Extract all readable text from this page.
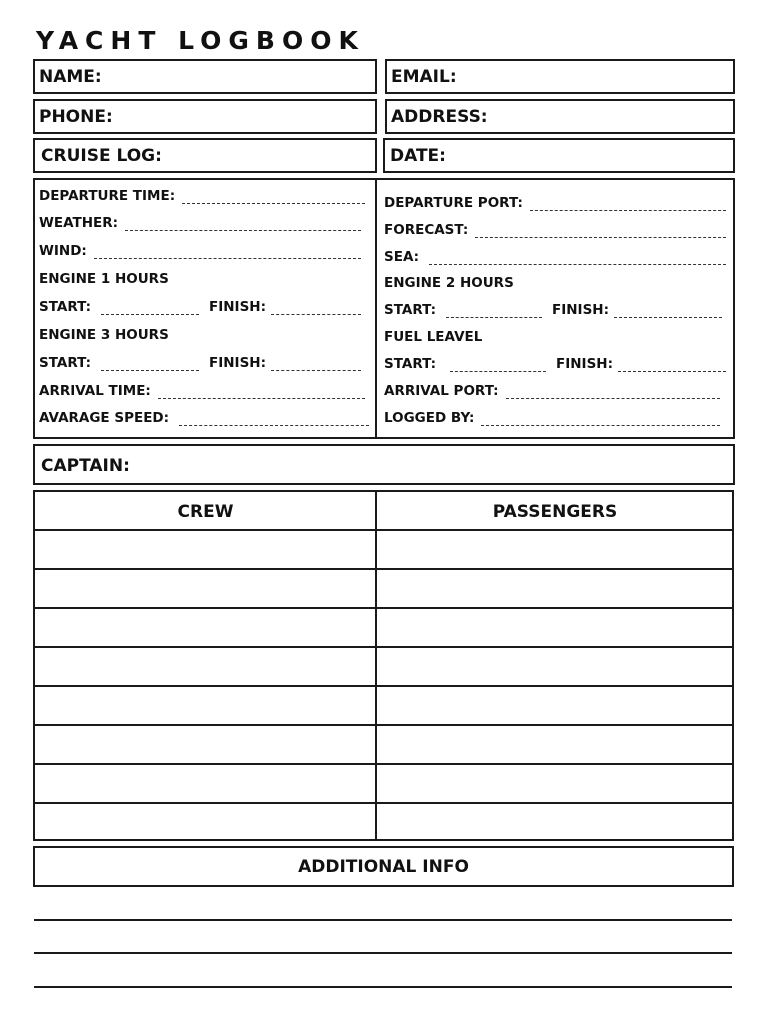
YACHT LOGBOOK
NAME:	EMAIL:
PHONE:	ADDRESS:
CRUISE LOG:	DATE:
DEPARTURE TIME:
WEATHER:
WIND:
ENGINE 1 HOURS
START:	FINISH:
ENGINE 3 HOURS
START:	FINISH:
ARRIVAL TIME:
AVARAGE SPEED:
DEPARTURE PORT:
FORECAST:
SEA:
ENGINE 2 HOURS
START:	FINISH:
FUEL LEAVEL
START:	FINISH:
ARRIVAL PORT:
LOGGED BY:
CAPTAIN:
CREW	PASSENGERS
ADDITIONAL INFO
